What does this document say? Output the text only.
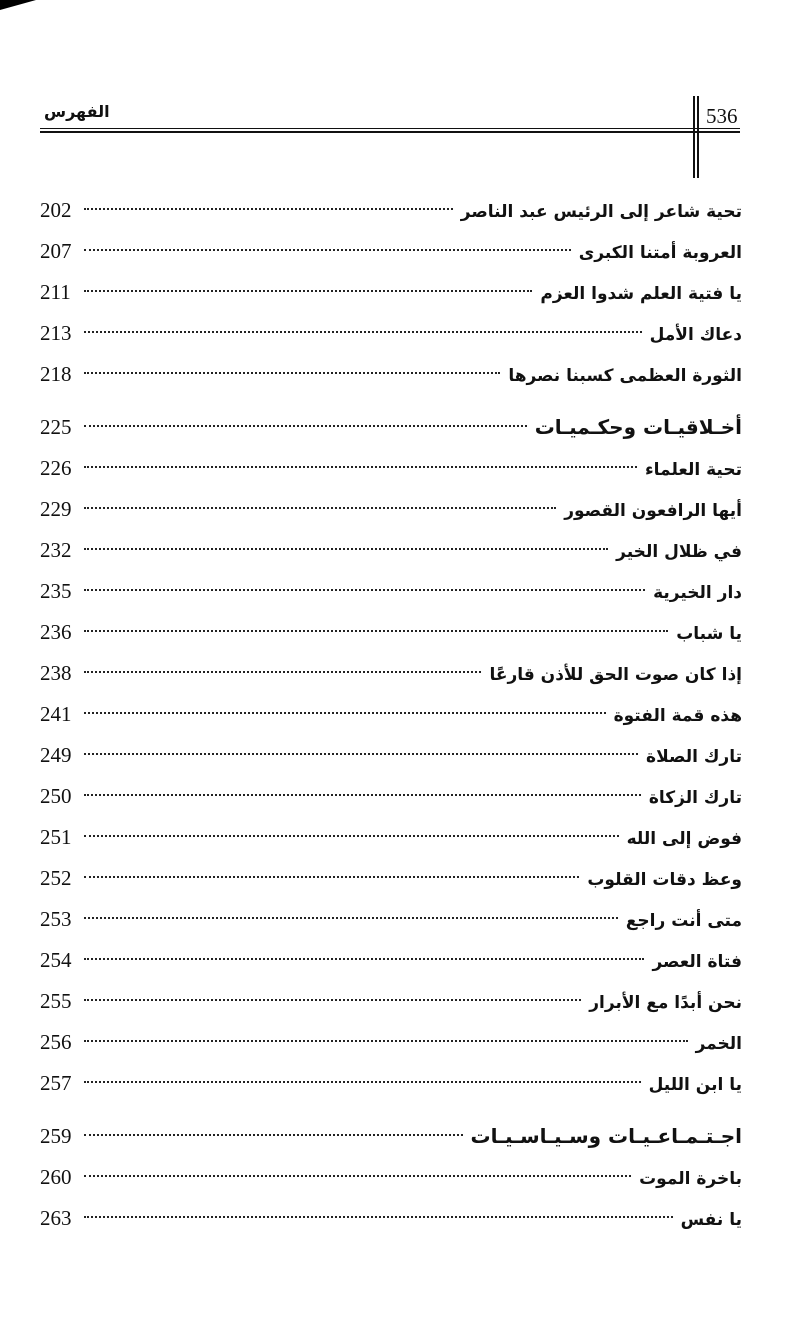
536
الفهرس
تحية شاعر إلى الرئيس عبد الناصر
202
العروبة أمتنا الكبرى
207
يا فتية العلم شدوا العزم
211
دعاك الأمل
213
الثورة العظمى كسبنا نصرها
218
أخـلاقيـات وحكـميـات
225
تحية العلماء
226
أيها الرافعون القصور
229
في ظلال الخير
232
دار الخيرية
235
يا شباب
236
إذا كان صوت الحق للأذن قارعًا
238
هذه قمة الفتوة
241
تارك الصلاة
249
تارك الزكاة
250
فوض إلى الله
251
وعظ دقات القلوب
252
متى أنت راجع
253
فتاة العصر
254
نحن أبدًا مع الأبرار
255
الخمر
256
يا ابن الليل
257
اجـتـمـاعـيـات وسـيـاسـيـات
259
باخرة الموت
260
يا نفس
263
